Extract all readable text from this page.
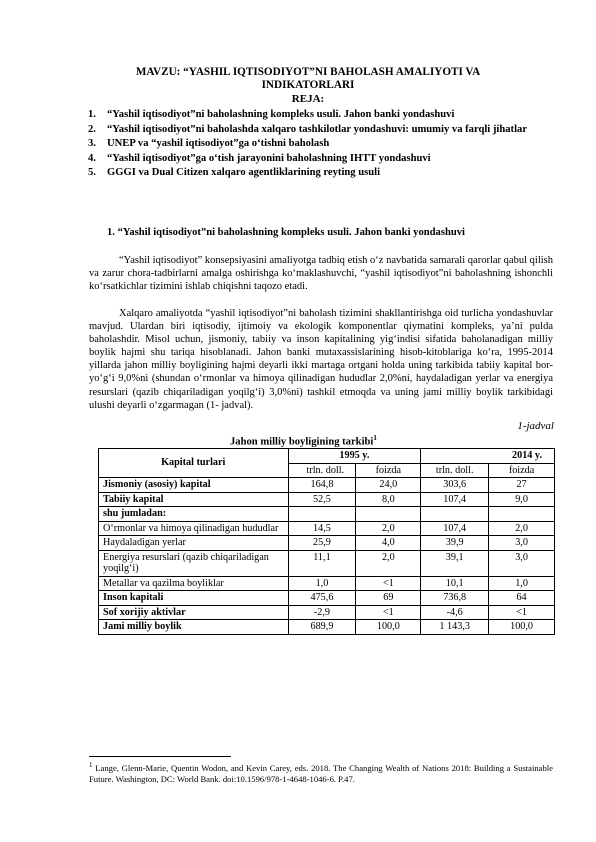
MAVZU: “YASHIL IQTISODIYOT”NI BAHOLASH AMALIYOTI VA INDIKATORLARI
REJA:
1. “Yashil iqtisodiyot”ni baholashning kompleks usuli. Jahon banki yondashuvi
2. “Yashil iqtisodiyot”ni baholashda xalqaro tashkilotlar yondashuvi: umumiy va farqli jihatlar
3. UNEP va “yashil iqtisodiyot”ga o‘tishni baholash
4. “Yashil iqtisodiyot”ga o‘tish jarayonini baholashning IHTT yondashuvi
5. GGGI va Dual Citizen xalqaro agentliklarining reyting usuli
1. “Yashil iqtisodiyot”ni baholashning kompleks usuli. Jahon banki yondashuvi

“Yashil iqtisodiyot” konsepsiyasini amaliyotga tadbiq etish o‘z navbatida samarali qarorlar qabul qilish va zarur chora-tadbirlarni amalga oshirishga ko‘maklashuvchi, “yashil iqtisodiyot”ni baholashning ishonchli ko‘rsatkichlar tizimini ishlab chiqishni taqozo etadi.

Xalqaro amaliyotda “yashil iqtisodiyot”ni baholash tizimini shakllantirishga oid turlicha yondashuvlar mavjud. Ulardan biri iqtisodiy, ijtimoiy va ekologik komponentlar qiymatini kompleks, ya’ni pulda baholashdir. Misol uchun, jismoniy, tabiiy va inson kapitalining yig‘indisi sifatida baholanadigan milliy boylik hajmi shu tariqa hisoblanadi. Jahon banki mutaxassislarining hisob-kitoblariga ko‘ra, 1995-2014 yillarda jahon milliy boyligining hajmi deyarli ikki martaga ortgani holda uning tarkibida tabiiy kapital bor-yo‘g‘i 9,0%ni (shundan o‘rmonlar va himoya qilinadigan hududlar 2,0%ni, haydaladigan yerlar va energiya resurslari (qazib chiqariladigan yoqilg‘i) 3,0%ni) tashkil etmoqda va uning jami milliy boylik tarkibidagi ulushi deyarli o‘zgarmagan (1- jadval).

1-jadval
Jahon milliy boyligining tarkibi$^1$
Kapital turlari	1995 y.		2014 y.	
	trln. doll.	foizda	trln. doll.	foizda
Jismoniy (asosiy) kapital	164,8	24,0	303,6	27
Tabiiy kapital	52,5	8,0	107,4	9,0
shu jumladan:				
O‘rmonlar va himoya qilinadigan hududlar	14,5	2,0	107,4	2,0
Haydaladigan yerlar	25,9	4,0	39,9	3,0
Energiya resurslari (qazib chiqariladigan yoqilg‘i)	11,1	2,0	39,1	3,0
Metallar va qazilma boyliklar	1,0	<1	10,1	1,0
Inson kapitali	475,6	69	736,8	64
Sof xorijiy aktivlar	-2,9	<1	-4,6	<1
Jami milliy boylik	689,9	100,0	1 143,3	100,0

$^1$ Lange, Glenn-Marie, Quentin Wodon, and Kevin Carey, eds. 2018. The Changing Wealth of Nations 2018: Building a Sustainable Future. Washington, DC: World Bank. doi:10.1596/978-1-4648-1046-6. P.47.
